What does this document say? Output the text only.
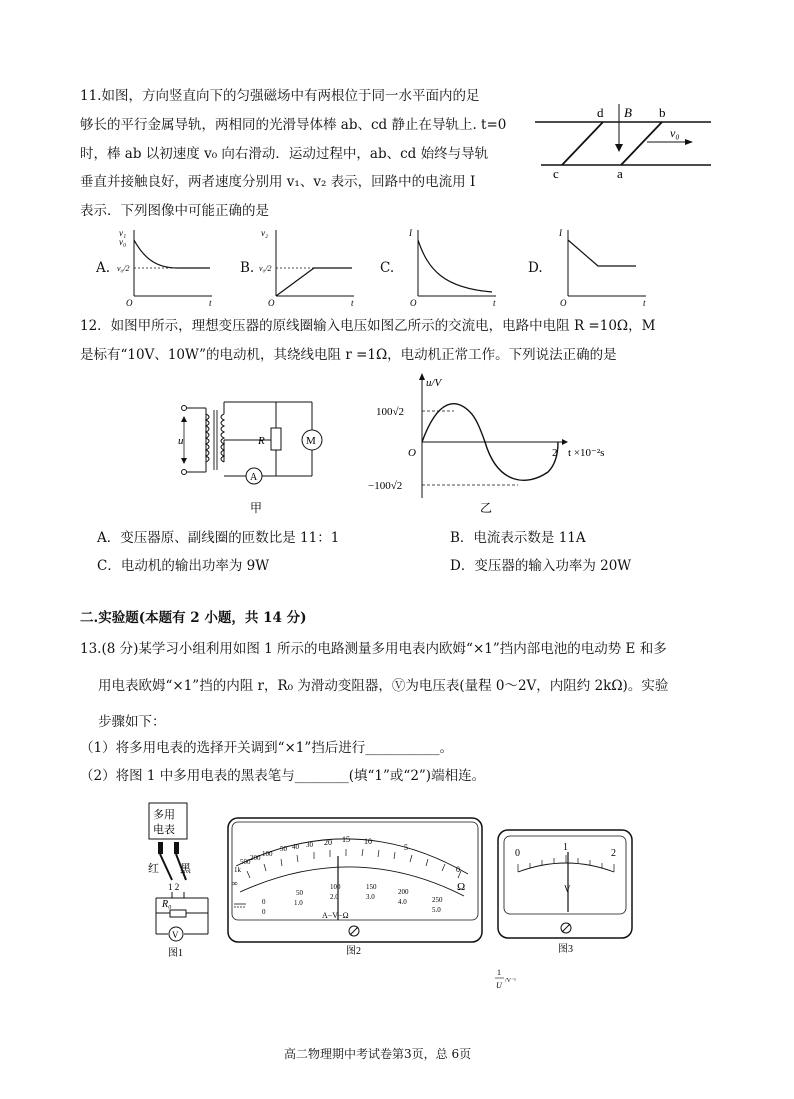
11.如图，方向竖直向下的匀强磁场中有两根位于同一水平面内的足
够长的平行金属导轨，两相同的光滑导体棒 ab、cd 静止在导轨上. t=0
时，棒 ab 以初速度 v₀ 向右滑动．运动过程中，ab、cd 始终与导轨
垂直并接触良好，两者速度分别用 v₁、v₂ 表示，回路中的电流用 I
表示．下列图像中可能正确的是
d B b
v₀
c	a
A.
v₁
v₀
v₀/2
O	t
B.
v₂
v₀/2
O	t
C.
I
O	t
D.
I
O	t
12．如图甲所示，理想变压器的原线圈输入电压如图乙所示的交流电，电路中电阻 R =10Ω，M
是标有“10V、10W”的电动机，其绕线电阻 r =1Ω，电动机正常工作。下列说法正确的是
u	R	M
A
甲
u/V
100√2
O
−100√2
2 t ×10⁻²s
乙
A．变压器原、副线圈的匝数比是 11：1	B．电流表示数是 11A
C．电动机的输出功率为 9W	D．变压器的输入功率为 20W
二.实验题(本题有 2 小题，共 14 分)
13.(8 分)某学习小组利用如图 1 所示的电路测量多用电表内欧姆“×1”挡内部电池的电动势 E 和多
用电表欧姆“×1”挡的内阻 r，R₀ 为滑动变阻器，Ⓥ为电压表(量程 0～2V，内阻约 2kΩ)。实验
步骤如下：
（1）将多用电表的选择开关调到“×1”挡后进行___________。
（2）将图 1 中多用电表的黑表笔与________(填“1”或“2”)端相连。
多用
电表
红 黑
1 2
R₀
V
图1
500
1k
200 100
50 40 30 20 15 10
5
0
∞	Ω
0
50
100	150
200
250
0
1.0
2.0	3.0
4.0
5.0
A−V−Ω
图2
0
1
2
V
图3
1
U /V⁻¹
高二物理期中考试卷第3页，总 6页
